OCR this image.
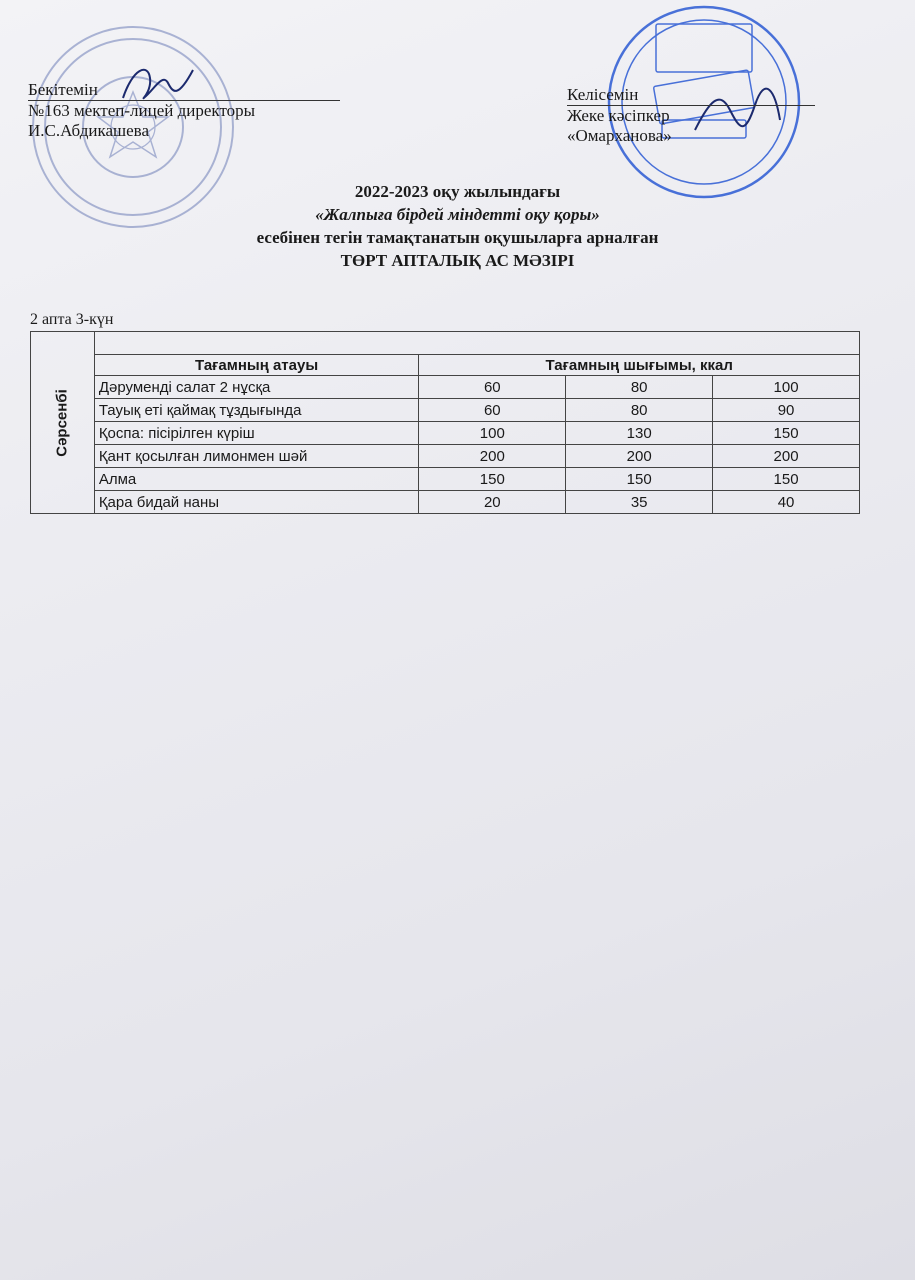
Бекітемін
№163 мектеп-лицей директоры
И.С.Абдикашева
Келісемін
Жеке кәсіпкер
«Омарханова»
2022-2023 оқу жылындағы
«Жалпыға бірдей міндетті оқу қоры»
есебінен тегін тамақтанатын оқушыларға арналған
ТӨРТ АПТАЛЫҚ АС МӘЗІРІ
2 апта 3-күн
Сәрсенбі				

	Тағамның атауы	Тағамның шығымы, ккал		
	Дәруменді салат 2 нұсқа	60	80	100
	Тауық еті қаймақ тұздығында	60	80	90
	Қоспа: пісірілген күріш	100	130	150
	Қант қосылған лимонмен шәй	200	200	200
	Алма	150	150	150
	Қара бидай наны	20	35	40
